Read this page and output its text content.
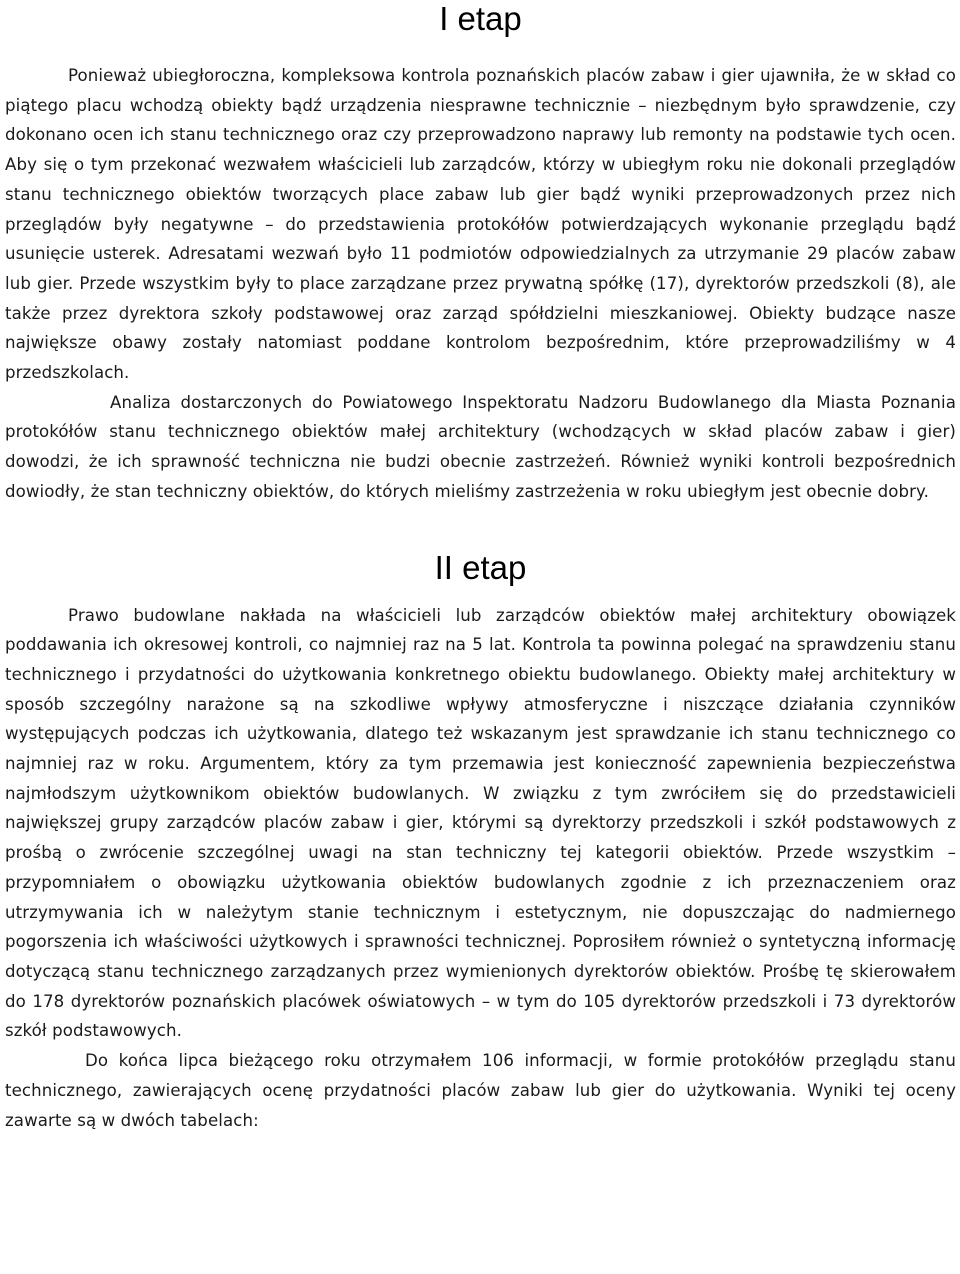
I etap

Ponieważ ubiegłoroczna, kompleksowa kontrola poznańskich placów zabaw i gier ujawniła, że w skład co piątego placu wchodzą obiekty bądź urządzenia niesprawne technicznie – niezbędnym było sprawdzenie, czy dokonano ocen ich stanu technicznego oraz czy przeprowadzono naprawy lub remonty na podstawie tych ocen. Aby się o tym przekonać wezwałem właścicieli lub zarządców, którzy w ubiegłym roku nie dokonali przeglądów stanu technicznego obiektów tworzących place zabaw lub gier bądź wyniki przeprowadzonych przez nich przeglądów były negatywne – do przedstawienia protokółów potwierdzających wykonanie przeglądu bądź usunięcie usterek. Adresatami wezwań było 11 podmiotów odpowiedzialnych za utrzymanie 29 placów zabaw lub gier. Przede wszystkim były to place zarządzane przez prywatną spółkę (17), dyrektorów przedszkoli (8), ale także przez dyrektora szkoły podstawowej oraz zarząd spółdzielni mieszkaniowej. Obiekty budzące nasze największe obawy zostały natomiast poddane kontrolom bezpośrednim, które przeprowadziliśmy w 4 przedszkolach.

Analiza dostarczonych do Powiatowego Inspektoratu Nadzoru Budowlanego dla Miasta Poznania protokółów stanu technicznego obiektów małej architektury (wchodzących w skład placów zabaw i gier) dowodzi, że ich sprawność techniczna nie budzi obecnie zastrzeżeń. Również wyniki kontroli bezpośrednich dowiodły, że stan techniczny obiektów, do których mieliśmy zastrzeżenia w roku ubiegłym jest obecnie dobry.

II etap

Prawo budowlane nakłada na właścicieli lub zarządców obiektów małej architektury obowiązek poddawania ich okresowej kontroli, co najmniej raz na 5 lat. Kontrola ta powinna polegać na sprawdzeniu stanu technicznego i przydatności do użytkowania konkretnego obiektu budowlanego. Obiekty małej architektury w sposób szczególny narażone są na szkodliwe wpływy atmosferyczne i niszczące działania czynników występujących podczas ich użytkowania, dlatego też wskazanym jest sprawdzanie ich stanu technicznego co najmniej raz w roku. Argumentem, który za tym przemawia jest konieczność zapewnienia bezpieczeństwa najmłodszym użytkownikom obiektów budowlanych. W związku z tym zwróciłem się do przedstawicieli największej grupy zarządców placów zabaw i gier, którymi są dyrektorzy przedszkoli i szkół podstawowych z prośbą o zwrócenie szczególnej uwagi na stan techniczny tej kategorii obiektów. Przede wszystkim – przypomniałem o obowiązku użytkowania obiektów budowlanych zgodnie z ich przeznaczeniem oraz utrzymywania ich w należytym stanie technicznym i estetycznym, nie dopuszczając do nadmiernego pogorszenia ich właściwości użytkowych i sprawności technicznej. Poprosiłem również o syntetyczną informację dotyczącą stanu technicznego zarządzanych przez wymienionych dyrektorów obiektów. Prośbę tę skierowałem do 178 dyrektorów poznańskich placówek oświatowych – w tym do 105 dyrektorów przedszkoli i 73 dyrektorów szkół podstawowych.

Do końca lipca bieżącego roku otrzymałem 106 informacji, w formie protokółów przeglądu stanu technicznego, zawierających ocenę przydatności placów zabaw lub gier do użytkowania. Wyniki tej oceny zawarte są w dwóch tabelach:
